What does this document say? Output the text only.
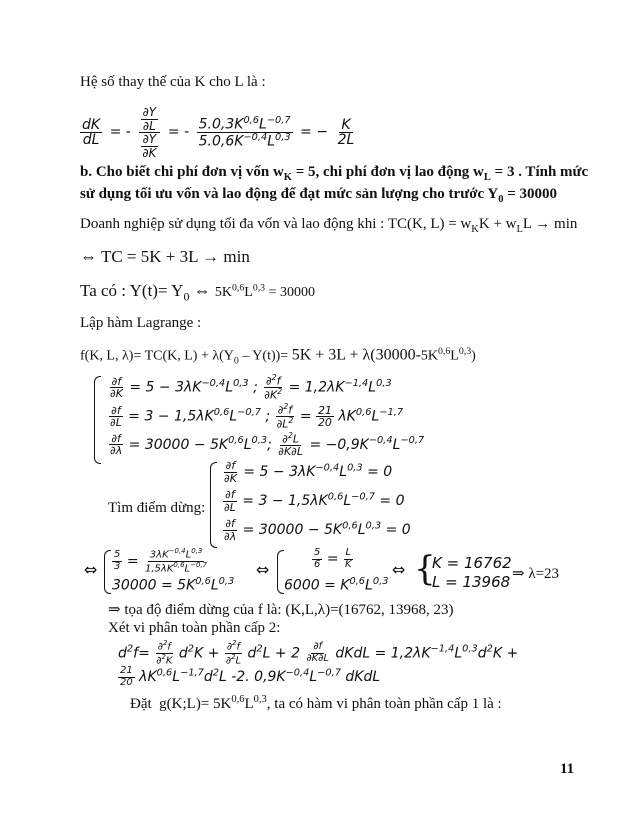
Hệ số thay thế của K cho L là :
$\frac{dK}{dL}$ = - $\frac{\frac{\partial Y}{\partial L}}{\frac{\partial Y}{\partial K}}$ = - $\frac{5.0,3K^{0,6}L^{-0,7}}{5.0,6K^{-0,4}L^{0,3}}$ = − $\frac{K}{2L}$
b. Cho biết chi phí đơn vị vốn $w_K = 5$, chi phí đơn vị lao động $w_L = 3$ . Tính mức
sử dụng tối ưu vốn và lao động để đạt mức sản lượng cho trước $Y_0 = 30000$
Doanh nghiệp sử dụng tối đa vốn và lao động khi : TC(K, $L) = w_KK + w_LL \to \min$
⇔ TC = 5K + 3L → min
Ta có : $Y(t)= Y_0$ ⇔ $5K^{0,6}L^{0,3} = 30000$
Lập hàm Lagrange :
f(K, L, λ)= TC(K, $L) + \lambda(Y_0 - Y(t))= 5K + 3L + \lambda(30000-5K^{0,6}L^{0,3})$
$\frac{\partial f}{\partial K} = 5 - 3\lambda K^{-0,4}L^{0,3}$ ; $\frac{\partial^2f}{\partial K^2} = 1,2\lambda K^{-1,4}L^{0,3}$
$\frac{\partial f}{\partial L} = 3 - 1,5\lambda K^{0,6}L^{-0,7}$ ; $\frac{\partial^2f}{\partial L^2} = \frac{21}{20} \lambda K^{0,6}L^{-1,7}$
$\frac{\partial f}{\partial\lambda} = 30000 - 5K^{0,6}L^{0,3}$; $\frac{\partial^2L}{\partial K\partial L} = -0,9K^{-0,4}L^{-0,7}$
Tìm điểm dừng:
$\frac{\partial f}{\partial K} = 5 - 3\lambda K^{-0,4}L^{0,3} = 0$
$\frac{\partial f}{\partial L} = 3 - 1,5\lambda K^{0,6}L^{-0,7} = 0$
$\frac{\partial f}{\partial\lambda} = 30000 - 5K^{0,6}L^{0,3} = 0$
⇔ $\frac{5}{3} = \frac{3\lambda K^{-0,4}L^{0,3}}{1,5\lambda K^{0,6}L^{-0,7}}$
$30000 = 5K^{0,6}L^{0,3}$
⇔	$\frac{5}{6} = \frac{L}{K}$
$6000 = K^{0,6}L^{0,3}$
⇔ {
K = 16762
L = 13968 ⇒ λ=23
⇒ tọa độ điểm dừng của f là: (K,L,λ)=(16762, 13968, 23)
Xét vi phân toàn phần cấp 2:
$d^2f= \frac{\partial^2f}{\partial^2K} d^2K + \frac{\partial^2f}{\partial^2L} d^2L + 2 \frac{\partial f}{\partial K\partial L}$ dKdL = $1,2\lambda K^{-1,4}L^{0,3}d^2K$ +
$\frac{21}{20} \lambda K^{0,6}L^{-1,7}d^2L$ -2. $0,9K^{-0,4}L^{-0,7}$ dKdL
Đặt  g(K;L)= $5K^{0,6}L^{0,3}$, ta có hàm vi phân toàn phần cấp 1 là :
11
